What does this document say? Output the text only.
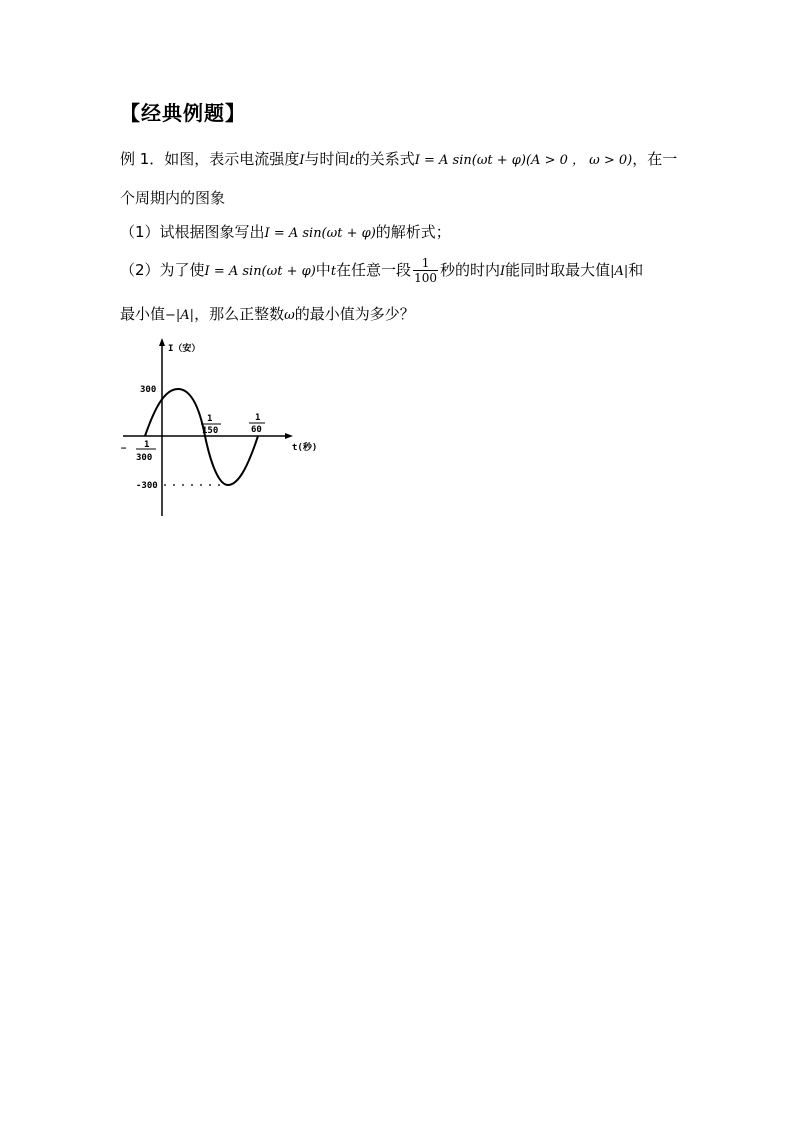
【经典例题】
例 1．如图，表示电流强度I与时间t的关系式I = A sin(ωt + φ)(A > 0 ， ω > 0)，在一
个周期内的图象
（1）试根据图象写出I = A sin(ωt + φ)的解析式；
（2）为了使I = A sin(ωt + φ)中t在任意一段 $\frac{1}{100}$ 秒的时内I能同时取最大值|A|和
最小值−|A|，那么正整数ω的最小值为多少？
I（安）
t(秒)
300
-300
− 1
300
1
150
1
60
